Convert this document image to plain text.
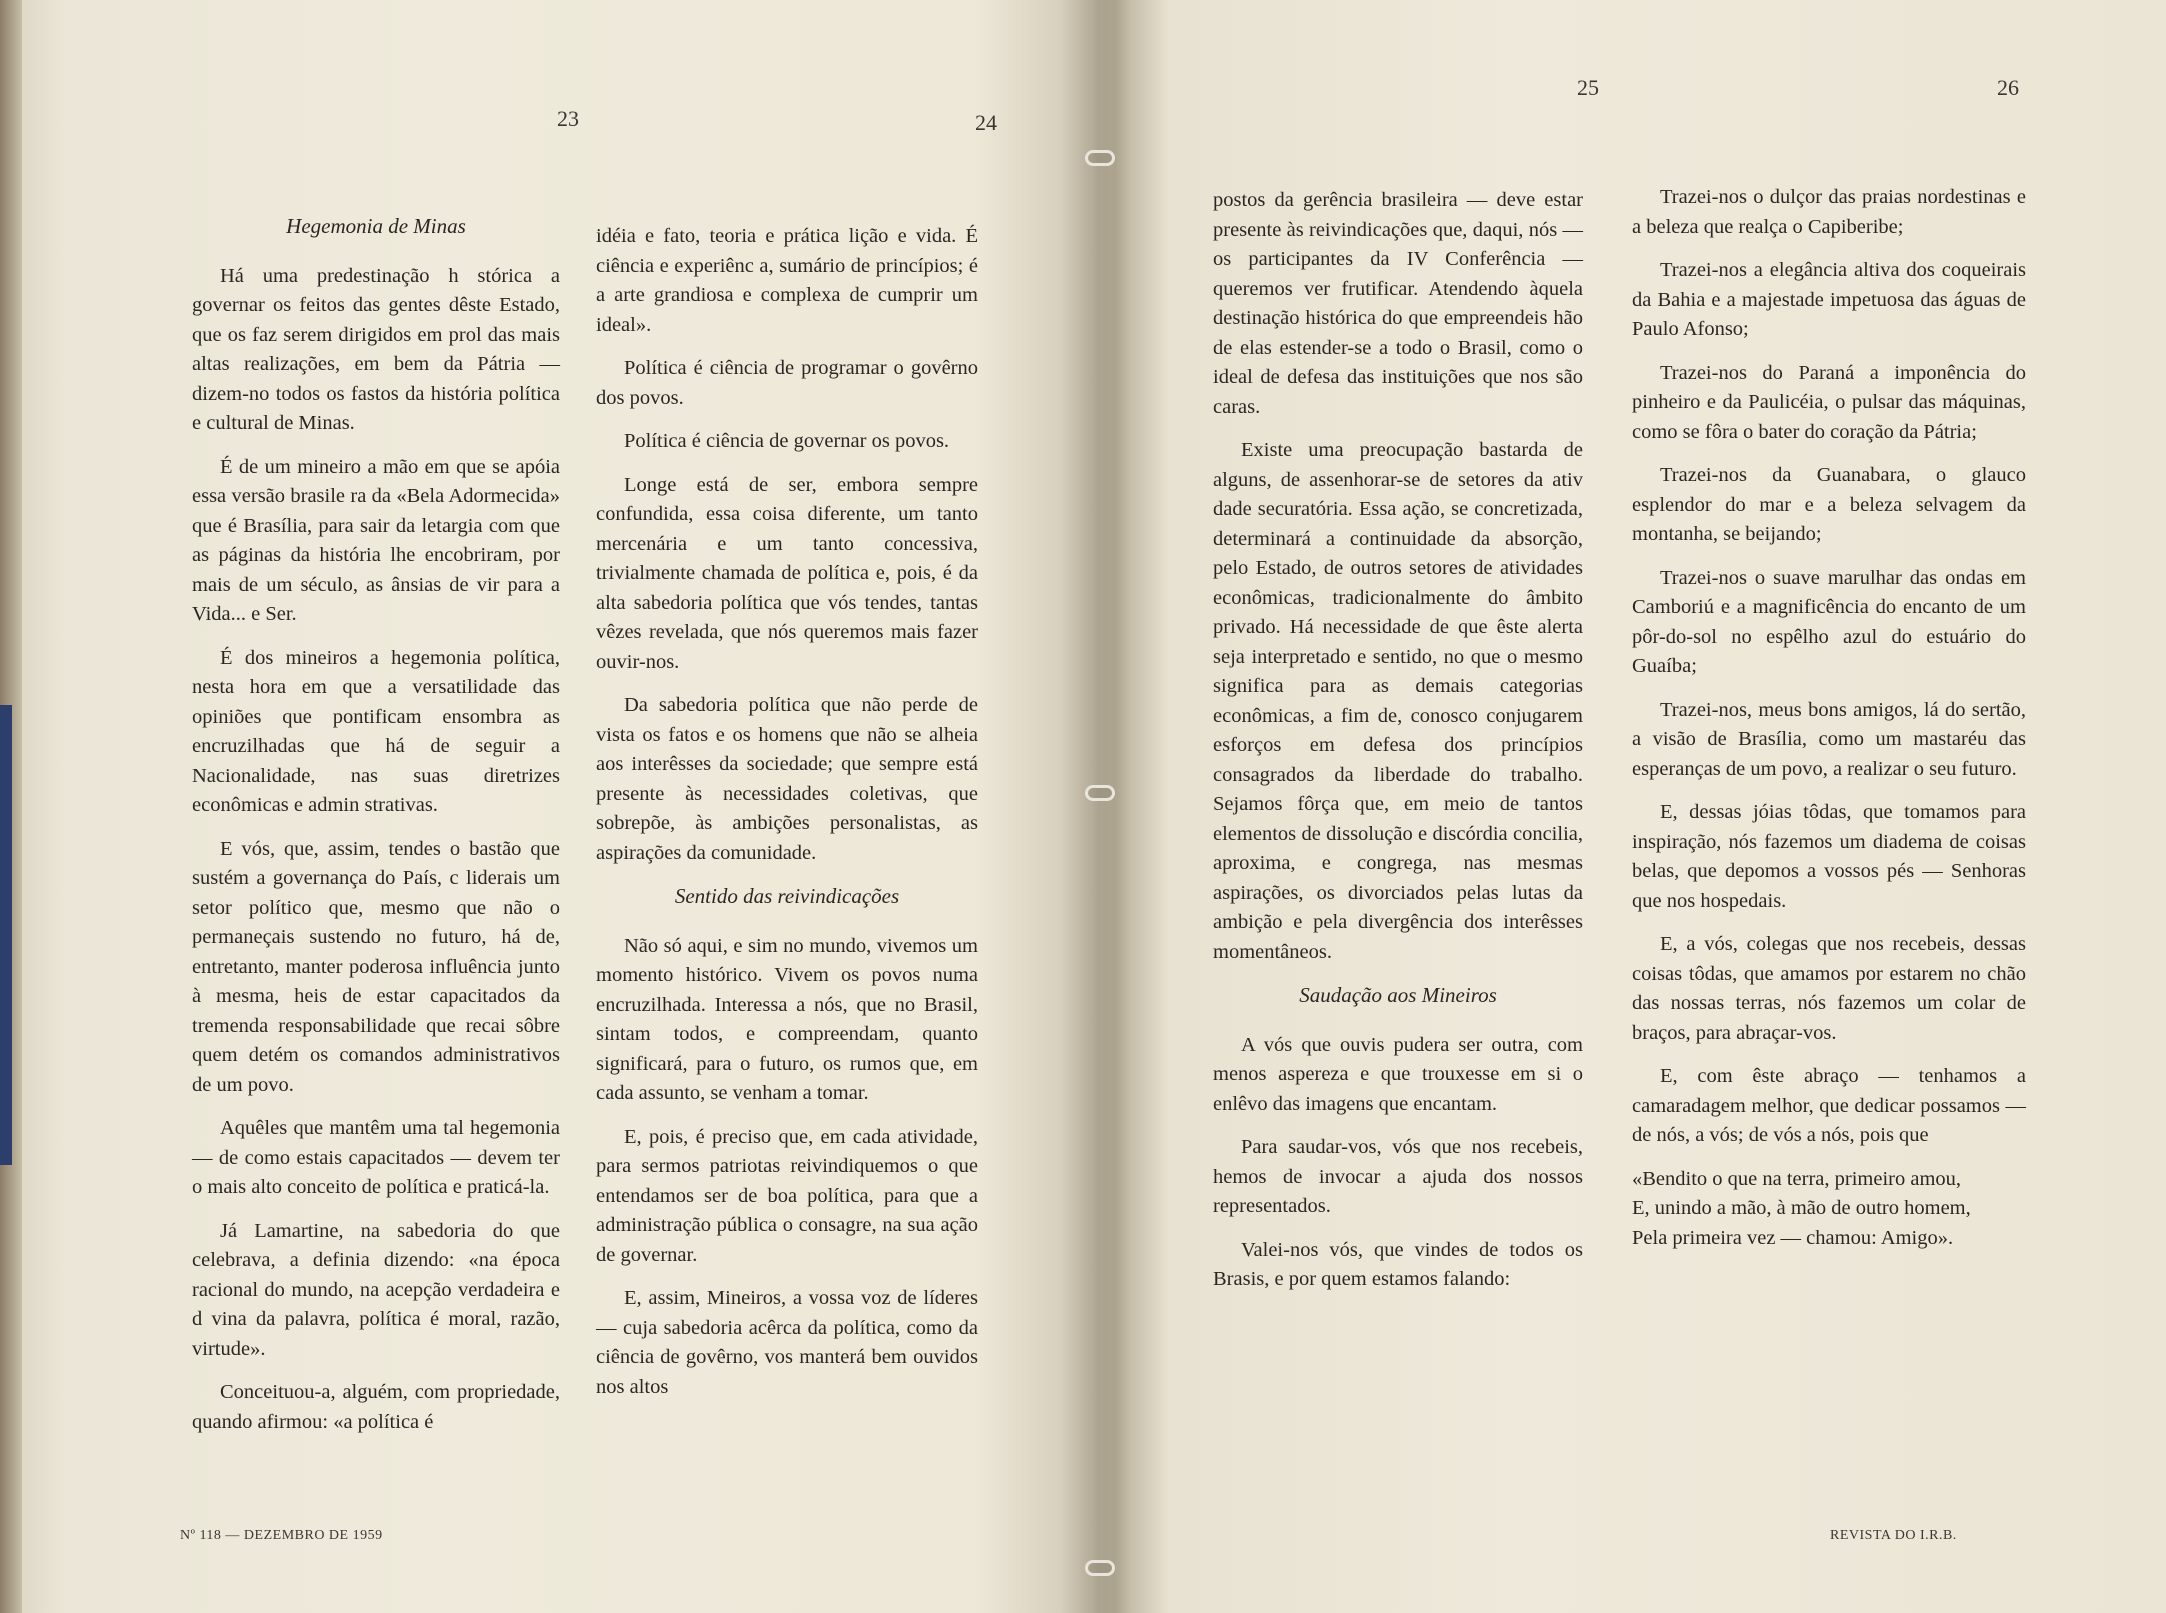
23	24
25	26
Hegemonia de Minas

Há uma predestinação h stórica a governar os feitos das gentes dêste Estado, que os faz serem dirigidos em prol das mais altas realizações, em bem da Pátria — dizem-no todos os fastos da história política e cultural de Minas.

É de um mineiro a mão em que se apóia essa versão brasile ra da «Bela Adormecida» que é Brasília, para sair da letargia com que as páginas da história lhe encobriram, por mais de um século, as ânsias de vir para a Vida... e Ser.

É dos mineiros a hegemonia política, nesta hora em que a versatilidade das opiniões que pontificam ensombra as encruzilhadas que há de seguir a Nacionalidade, nas suas diretrizes econômicas e admin strativas.

E vós, que, assim, tendes o bastão que sustém a governança do País, c liderais um setor político que, mesmo que não o permaneçais sustendo no futuro, há de, entretanto, manter poderosa influência junto à mesma, heis de estar capacitados da tremenda responsabilidade que recai sôbre quem detém os comandos administrativos de um povo.

Aquêles que mantêm uma tal hegemonia — de como estais capacitados — devem ter o mais alto conceito de política e praticá-la.

Já Lamartine, na sabedoria do que celebrava, a definia dizendo: «na época racional do mundo, na acepção verdadeira e d vina da palavra, política é moral, razão, virtude».

Conceituou-a, alguém, com propriedade, quando afirmou: «a política é

idéia e fato, teoria e prática lição e vida. É ciência e experiênc a, sumário de princípios; é a arte grandiosa e complexa de cumprir um ideal».

Política é ciência de programar o govêrno dos povos.

Política é ciência de governar os povos.

Longe está de ser, embora sempre confundida, essa coisa diferente, um tanto mercenária e um tanto concessiva, trivialmente chamada de política e, pois, é da alta sabedoria política que vós tendes, tantas vêzes revelada, que nós queremos mais fazer ouvir-nos.

Da sabedoria política que não perde de vista os fatos e os homens que não se alheia aos interêsses da sociedade; que sempre está presente às necessidades coletivas, que sobrepõe, às ambições personalistas, as aspirações da comunidade.

Sentido das reivindicações

Não só aqui, e sim no mundo, vivemos um momento histórico. Vivem os povos numa encruzilhada. Interessa a nós, que no Brasil, sintam todos, e compreendam, quanto significará, para o futuro, os rumos que, em cada assunto, se venham a tomar.

E, pois, é preciso que, em cada atividade, para sermos patriotas reivindiquemos o que entendamos ser de boa política, para que a administração pública o consagre, na sua ação de governar.

E, assim, Mineiros, a vossa voz de líderes — cuja sabedoria acêrca da política, como da ciência de govêrno, vos manterá bem ouvidos nos altos

postos da gerência brasileira — deve estar presente às reivindicações que, daqui, nós — os participantes da IV Conferência — queremos ver frutificar. Atendendo àquela destinação histórica do que empreendeis hão de elas estender-se a todo o Brasil, como o ideal de defesa das instituições que nos são caras.

Existe uma preocupação bastarda de alguns, de assenhorar-se de setores da ativ dade securatória. Essa ação, se concretizada, determinará a continuidade da absorção, pelo Estado, de outros setores de atividades econômicas, tradicionalmente do âmbito privado. Há necessidade de que êste alerta seja interpretado e sentido, no que o mesmo significa para as demais categorias econômicas, a fim de, conosco conjugarem esforços em defesa dos princípios consagrados da liberdade do trabalho. Sejamos fôrça que, em meio de tantos elementos de dissolução e discórdia concilia, aproxima, e congrega, nas mesmas aspirações, os divorciados pelas lutas da ambição e pela divergência dos interêsses momentâneos.

Saudação aos Mineiros

A vós que ouvis pudera ser outra, com menos aspereza e que trouxesse em si o enlêvo das imagens que encantam.

Para saudar-vos, vós que nos recebeis, hemos de invocar a ajuda dos nossos representados.

Valei-nos vós, que vindes de todos os Brasis, e por quem estamos falando:

Trazei-nos o dulçor das praias nordestinas e a beleza que realça o Capiberibe;

Trazei-nos a elegância altiva dos coqueirais da Bahia e a majestade impetuosa das águas de Paulo Afonso;

Trazei-nos do Paraná a imponência do pinheiro e da Paulicéia, o pulsar das máquinas, como se fôra o bater do coração da Pátria;

Trazei-nos da Guanabara, o glauco esplendor do mar e a beleza selvagem da montanha, se beijando;

Trazei-nos o suave marulhar das ondas em Camboriú e a magnificência do encanto de um pôr-do-sol no espêlho azul do estuário do Guaíba;

Trazei-nos, meus bons amigos, lá do sertão, a visão de Brasília, como um mastaréu das esperanças de um povo, a realizar o seu futuro.

E, dessas jóias tôdas, que tomamos para inspiração, nós fazemos um diadema de coisas belas, que depomos a vossos pés — Senhoras que nos hospedais.

E, a vós, colegas que nos recebeis, dessas coisas tôdas, que amamos por estarem no chão das nossas terras, nós fazemos um colar de braços, para abraçar-vos.

E, com êste abraço — tenhamos a camaradagem melhor, que dedicar possamos — de nós, a vós; de vós a nós, pois que

«Bendito o que na terra, primeiro amou,
E, unindo a mão, à mão de outro homem,
Pela primeira vez — chamou: Amigo».
Nº 118 — DEZEMBRO DE 1959	REVISTA DO I.R.B.
